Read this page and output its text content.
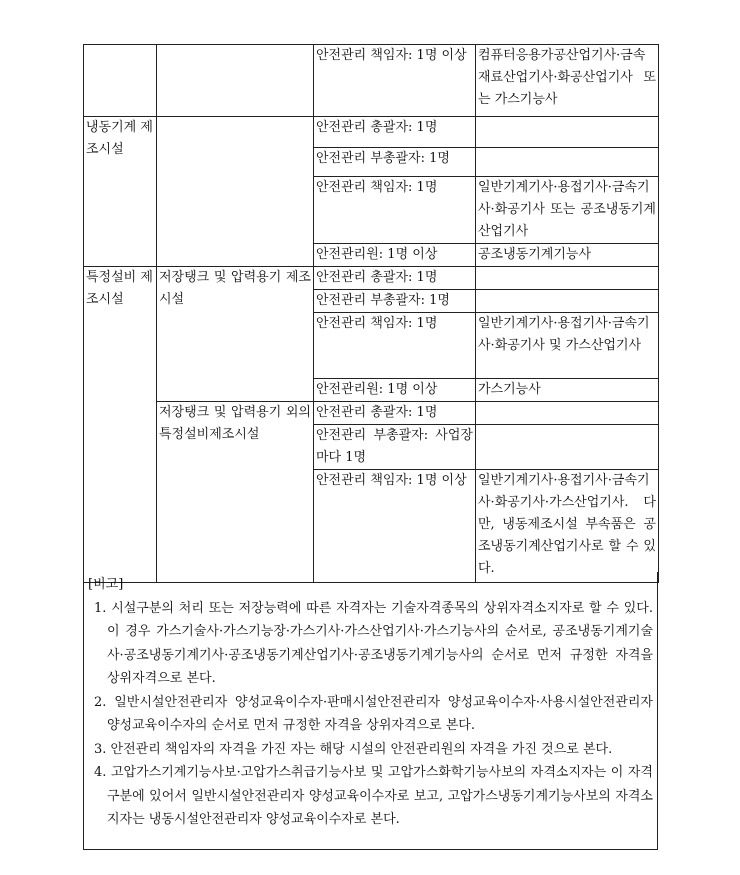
		안전관리 책임자: 1명 이상	컴퓨터응용가공산업기사·금속재료산업기사·화공산업기사 또는 가스기능사
냉동기계 제조시설		안전관리 총괄자: 1명	
		안전관리 부총괄자: 1명	
		안전관리 책임자: 1명	일반기계기사·용접기사·금속기사·화공기사 또는 공조냉동기계산업기사
		안전관리원: 1명 이상	공조냉동기계기능사
특정설비 제조시설	저장탱크 및 압력용기 제조시설	안전관리 총괄자: 1명	
		안전관리 부총괄자: 1명	
		안전관리 책임자: 1명	일반기계기사·용접기사·금속기사·화공기사 및 가스산업기사
		안전관리원: 1명 이상	가스기능사
	저장탱크 및 압력용기 외의 특정설비제조시설	안전관리 총괄자: 1명	
		안전관리 부총괄자: 사업장마다 1명	
		안전관리 책임자: 1명 이상	일반기계기사·용접기사·금속기사·화공기사·가스산업기사. 다만, 냉동제조시설 부속품은 공조냉동기계산업기사로 할 수 있다.
[비고]
1. 시설구분의 처리 또는 저장능력에 따른 자격자는 기술자격종목의 상위자격소지자로 할 수 있다. 이 경우 가스기술사·가스기능장·가스기사·가스산업기사·가스기능사의 순서로, 공조냉동기계기술사·공조냉동기계기사·공조냉동기계산업기사·공조냉동기계기능사의 순서로 먼저 규정한 자격을 상위자격으로 본다.
2. 일반시설안전관리자 양성교육이수자·판매시설안전관리자 양성교육이수자·사용시설안전관리자 양성교육이수자의 순서로 먼저 규정한 자격을 상위자격으로 본다.
3. 안전관리 책임자의 자격을 가진 자는 해당 시설의 안전관리원의 자격을 가진 것으로 본다.
4. 고압가스기계기능사보·고압가스취급기능사보 및 고압가스화학기능사보의 자격소지자는 이 자격 구분에 있어서 일반시설안전관리자 양성교육이수자로 보고, 고압가스냉동기계기능사보의 자격소지자는 냉동시설안전관리자 양성교육이수자로 본다.
